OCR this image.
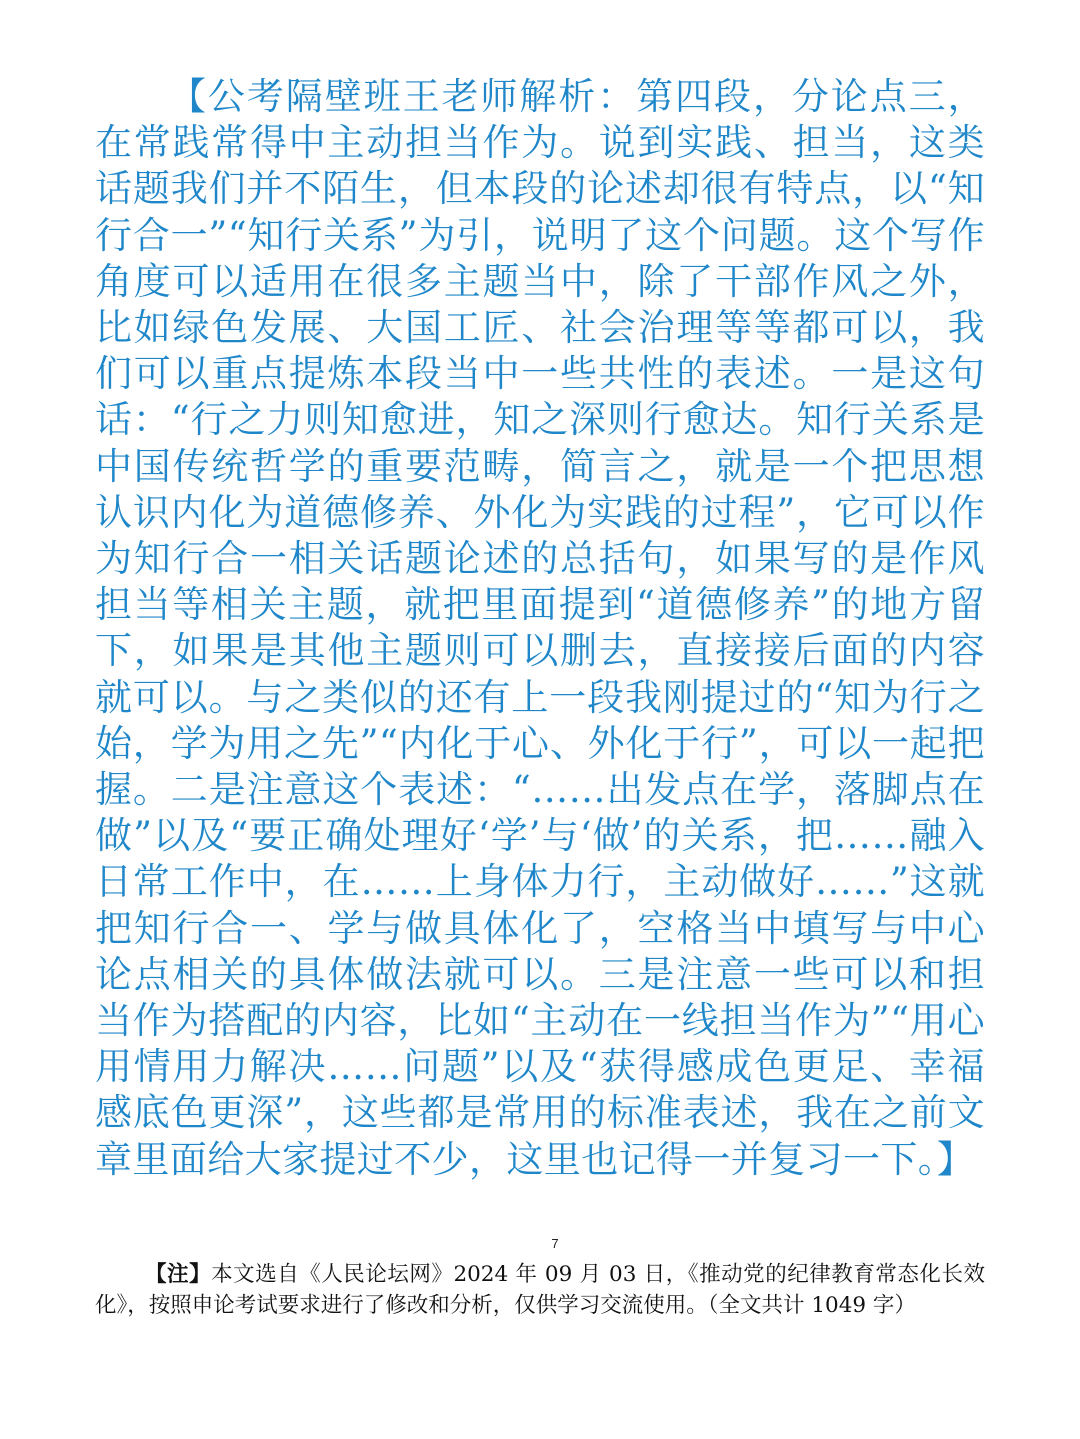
【公考隔壁班王老师解析：第四段，分论点三，在常践常得中主动担当作为。说到实践、担当，这类话题我们并不陌生，但本段的论述却很有特点，以“知行合一”“知行关系”为引，说明了这个问题。这个写作角度可以适用在很多主题当中，除了干部作风之外，比如绿色发展、大国工匠、社会治理等等都可以，我们可以重点提炼本段当中一些共性的表述。一是这句话：“行之力则知愈进，知之深则行愈达。知行关系是中国传统哲学的重要范畴，简言之，就是一个把思想认识内化为道德修养、外化为实践的过程”，它可以作为知行合一相关话题论述的总括句，如果写的是作风担当等相关主题，就把里面提到“道德修养”的地方留下，如果是其他主题则可以删去，直接接后面的内容就可以。与之类似的还有上一段我刚提过的“知为行之始，学为用之先”“内化于心、外化于行”，可以一起把握。二是注意这个表述：“……出发点在学，落脚点在做”以及“要正确处理好‘学’与‘做’的关系，把……融入日常工作中，在……上身体力行，主动做好……”这就把知行合一、学与做具体化了，空格当中填写与中心论点相关的具体做法就可以。三是注意一些可以和担当作为搭配的内容，比如“主动在一线担当作为”“用心用情用力解决……问题”以及“获得感成色更足、幸福感底色更深”，这些都是常用的标准表述，我在之前文章里面给大家提过不少，这里也记得一并复习一下。】

7

【注】本文选自《人民论坛网》2024 年 09 月 03 日，《推动党的纪律教育常态化长效化》，按照申论考试要求进行了修改和分析，仅供学习交流使用。（全文共计 1049 字）
